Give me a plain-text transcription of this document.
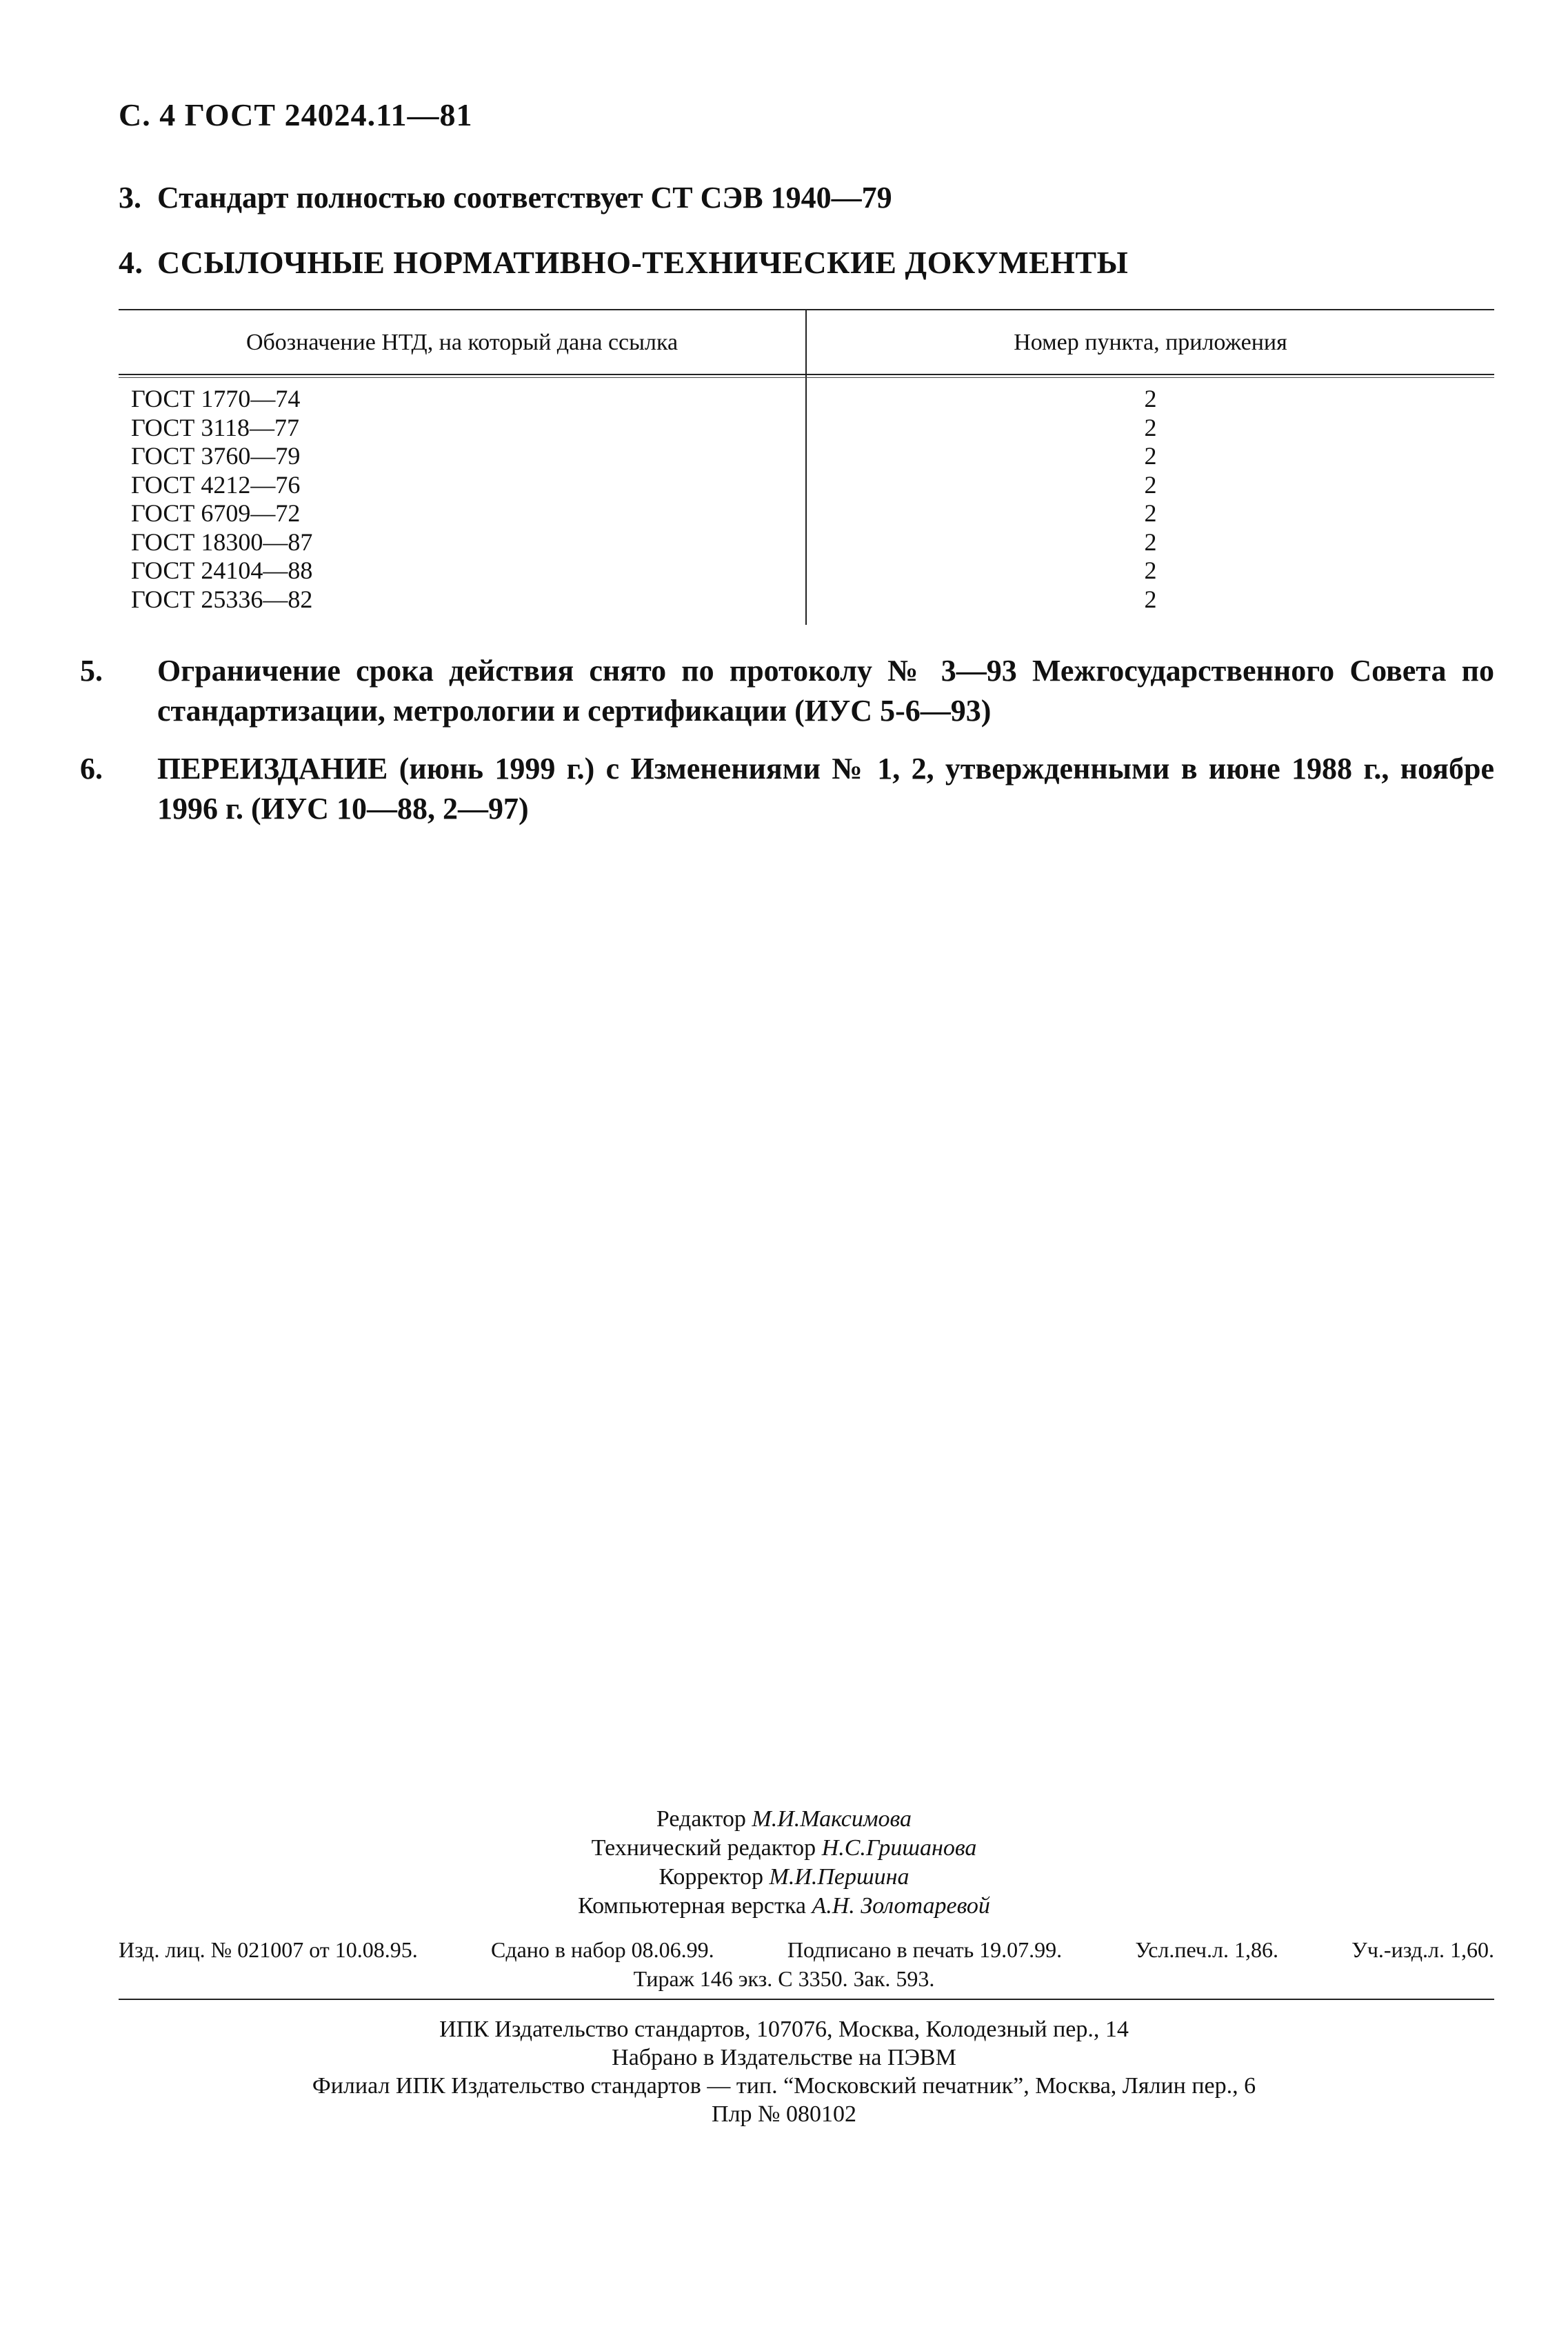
С. 4 ГОСТ 24024.11—81
3. Стандарт полностью соответствует СТ СЭВ 1940—79
4. ССЫЛОЧНЫЕ НОРМАТИВНО-ТЕХНИЧЕСКИЕ ДОКУМЕНТЫ
Обозначение НТД, на который дана ссылка	Номер пункта, приложения
ГОСТ 1770—74	2
ГОСТ 3118—77	2
ГОСТ 3760—79	2
ГОСТ 4212—76	2
ГОСТ 6709—72	2
ГОСТ 18300—87	2
ГОСТ 24104—88	2
ГОСТ 25336—82	2
5. Ограничение срока действия снято по протоколу № 3—93 Межгосударственного Совета по стандартизации, метрологии и сертификации (ИУС 5-6—93)
6. ПЕРЕИЗДАНИЕ (июнь 1999 г.) с Изменениями № 1, 2, утвержденными в июне 1988 г., ноябре 1996 г. (ИУС 10—88, 2—97)
Редактор М.И.Максимова
Технический редактор Н.С.Гришанова
Корректор М.И.Першина
Компьютерная верстка А.Н. Золотаревой
Изд. лиц. № 021007 от 10.08.95.	Сдано в набор 08.06.99.	Подписано в печать 19.07.99.	Усл.печ.л. 1,86.	Уч.-изд.л. 1,60.
Тираж 146 экз. С 3350. Зак. 593.
ИПК Издательство стандартов, 107076, Москва, Колодезный пер., 14
Набрано в Издательстве на ПЭВМ
Филиал ИПК Издательство стандартов — тип. “Московский печатник”, Москва, Лялин пер., 6
Плр № 080102
